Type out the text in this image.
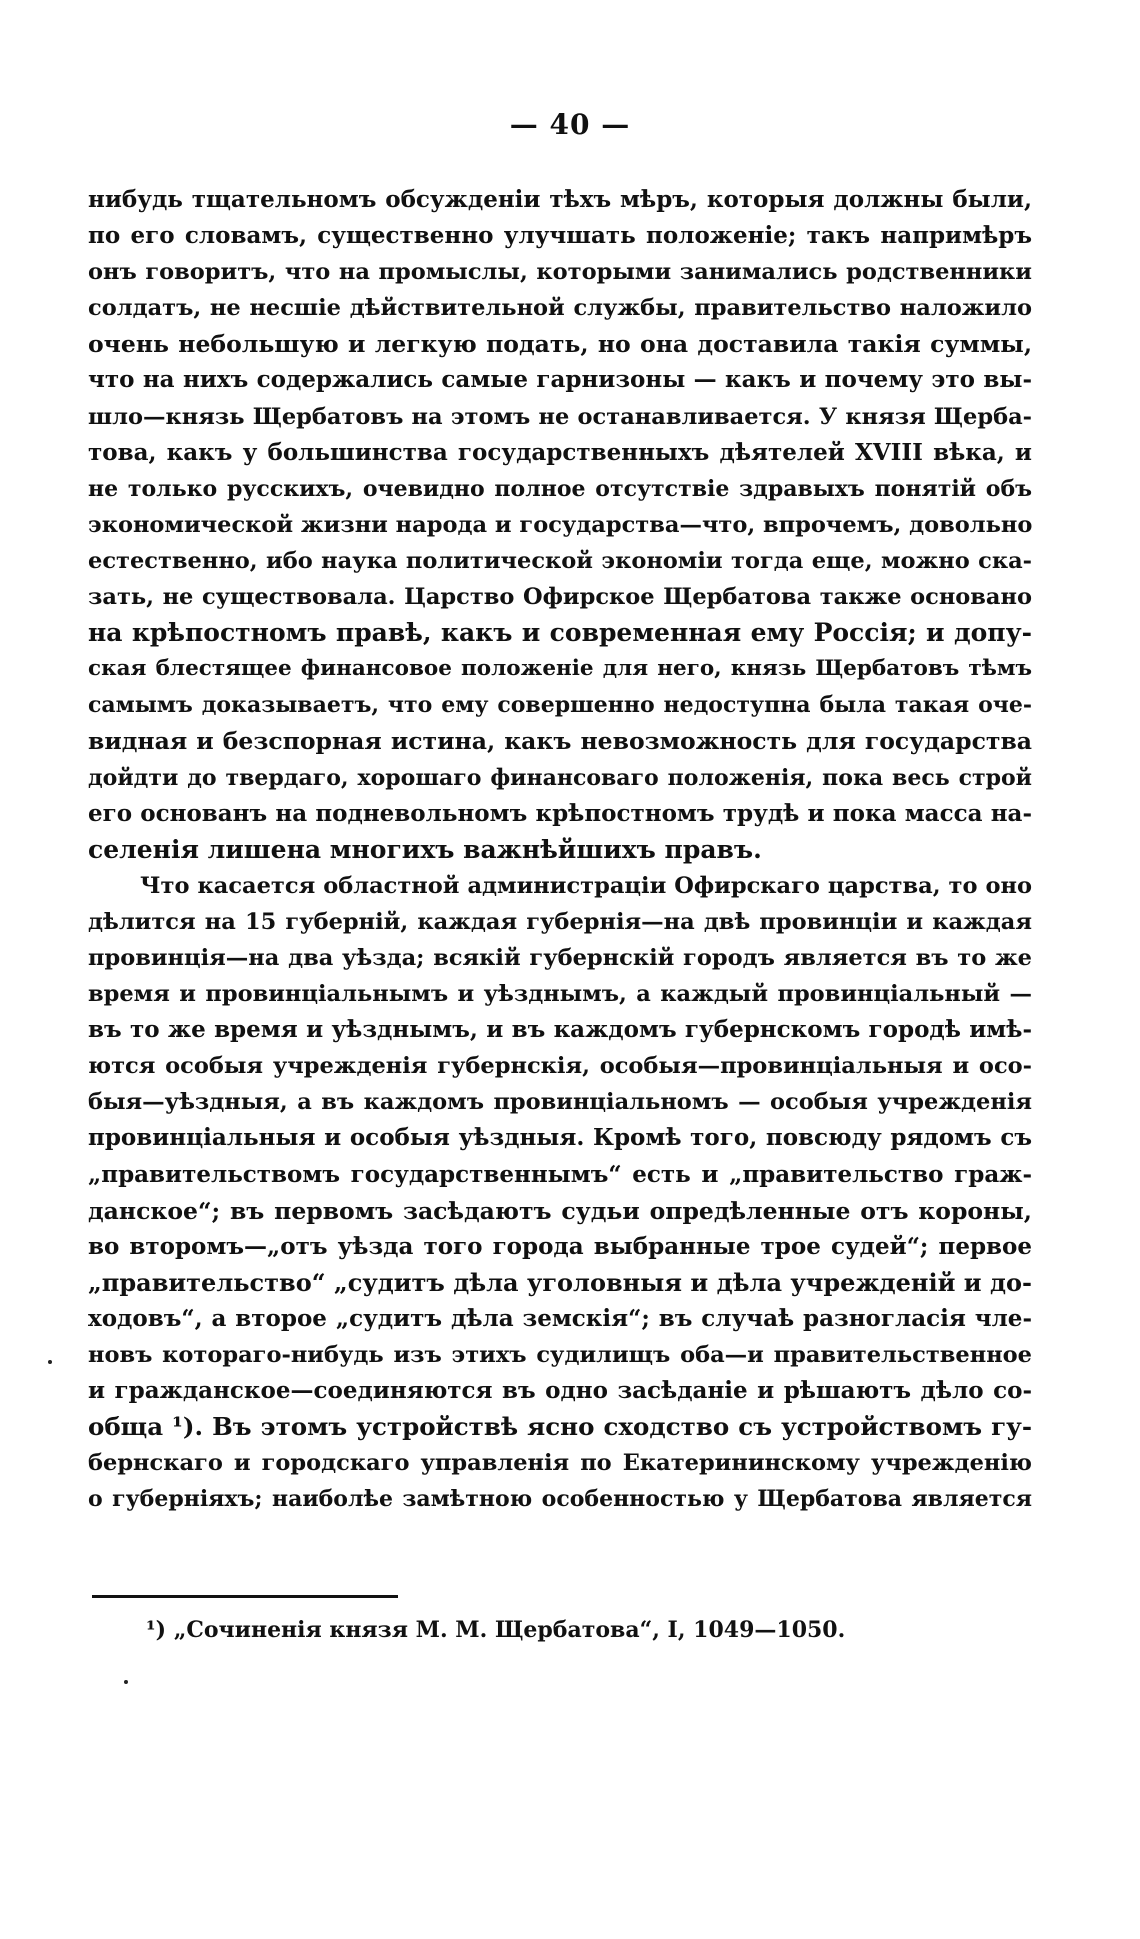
— 40 —
нибудь тщательномъ обсужденiи тѣхъ мѣръ, которыя должны были,
по его словамъ, существенно улучшать положенiе; такъ напримѣръ
онъ говоритъ, что на промыслы, которыми занимались родственники
солдатъ, не несшiе дѣйствительной службы, правительство наложило
очень небольшую и легкую подать, но она доставила такiя суммы,
что на нихъ содержались самые гарнизоны — какъ и почему это вы-
шло—князь Щербатовъ на этомъ не останавливается. У князя Щерба-
това, какъ у большинства государственныхъ дѣятелей XVIII вѣка, и
не только русскихъ, очевидно полное отсутствiе здравыхъ понятiй объ
экономической жизни народа и государства—что, впрочемъ, довольно
естественно, ибо наука политической экономiи тогда еще, можно ска-
зать, не существовала. Царство Офирское Щербатова также основано
на крѣпостномъ правѣ, какъ и современная ему Россiя; и допу-
ская блестящее финансовое положенiе для него, князь Щербатовъ тѣмъ
самымъ доказываетъ, что ему совершенно недоступна была такая оче-
видная и безспорная истина, какъ невозможность для государства
дойдти до твердаго, хорошаго финансоваго положенiя, пока весь строй
его основанъ на подневольномъ крѣпостномъ трудѣ и пока масса на-
селенiя лишена многихъ важнѣйшихъ правъ.
Что касается областной администрацiи Офирскаго царства, то оно
дѣлится на 15 губернiй, каждая губернiя—на двѣ провинцiи и каждая
провинцiя—на два уѣзда; всякiй губернскiй городъ является въ то же
время и провинцiальнымъ и уѣзднымъ, а каждый провинцiальный —
въ то же время и уѣзднымъ, и въ каждомъ губернскомъ городѣ имѣ-
ются особыя учрежденiя губернскiя, особыя—провинцiальныя и осо-
быя—уѣздныя, а въ каждомъ провинцiальномъ — особыя учрежденiя
провинцiальныя и особыя уѣздныя. Кромѣ того, повсюду рядомъ съ
„правительствомъ государственнымъ“ есть и „правительство граж-
данское“; въ первомъ засѣдаютъ судьи опредѣленные отъ короны,
во второмъ—„отъ уѣзда того города выбранные трое судей“; первое
„правительство“ „судитъ дѣла уголовныя и дѣла учрежденiй и до-
ходовъ“, а второе „судитъ дѣла земскiя“; въ случаѣ разногласiя чле-
новъ котораго-нибудь изъ этихъ судилищъ оба—и правительственное
и гражданское—соединяются въ одно засѣданiе и рѣшаютъ дѣло со-
обща ¹). Въ этомъ устройствѣ ясно сходство съ устройствомъ гу-
бернскаго и городскаго управленiя по Екатерининскому учрежденiю
о губернiяхъ; наиболѣе замѣтною особенностью у Щербатова является
¹) „Сочиненiя князя М. М. Щербатова“, I, 1049—1050.
